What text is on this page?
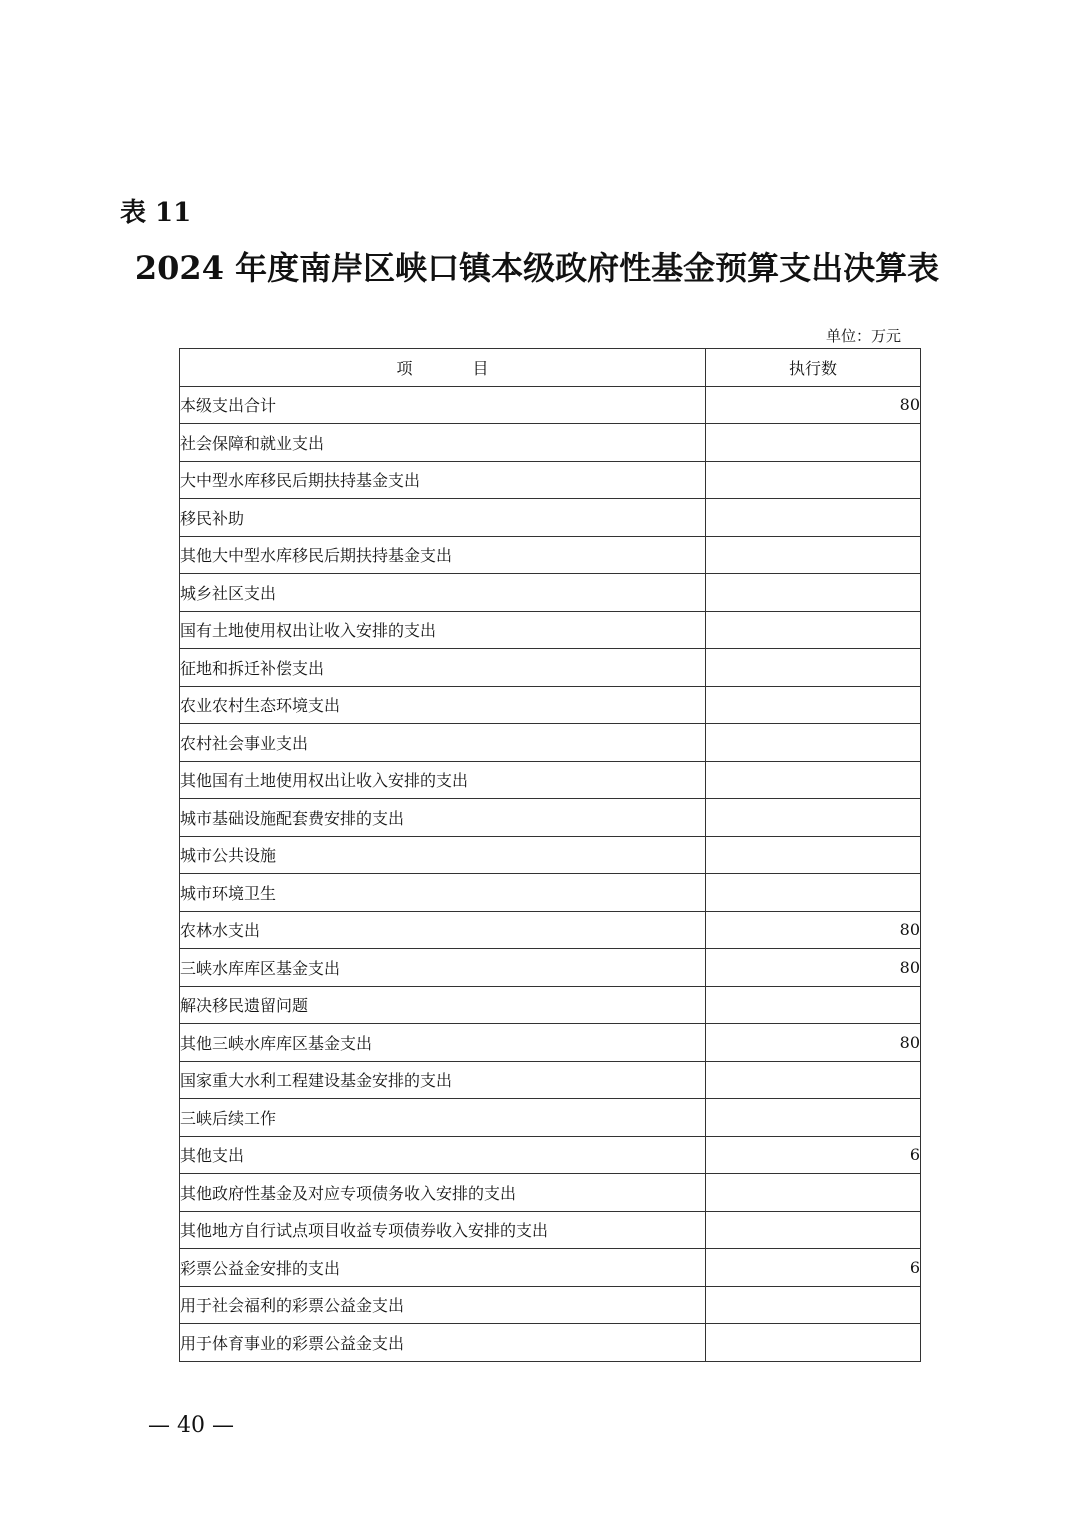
表 11
2024 年度南岸区峡口镇本级政府性基金预算支出决算表
单位：万元
项 目	执行数
本级支出合计	80
社会保障和就业支出	
大中型水库移民后期扶持基金支出	
移民补助	
其他大中型水库移民后期扶持基金支出	
城乡社区支出	
国有土地使用权出让收入安排的支出	
征地和拆迁补偿支出	
农业农村生态环境支出	
农村社会事业支出	
其他国有土地使用权出让收入安排的支出	
城市基础设施配套费安排的支出	
城市公共设施	
城市环境卫生	
农林水支出	80
三峡水库库区基金支出	80
解决移民遗留问题	
其他三峡水库库区基金支出	80
国家重大水利工程建设基金安排的支出	
三峡后续工作	
其他支出	6
其他政府性基金及对应专项债务收入安排的支出	
其他地方自行试点项目收益专项债券收入安排的支出	
彩票公益金安排的支出	6
用于社会福利的彩票公益金支出	
用于体育事业的彩票公益金支出	
— 40 —
